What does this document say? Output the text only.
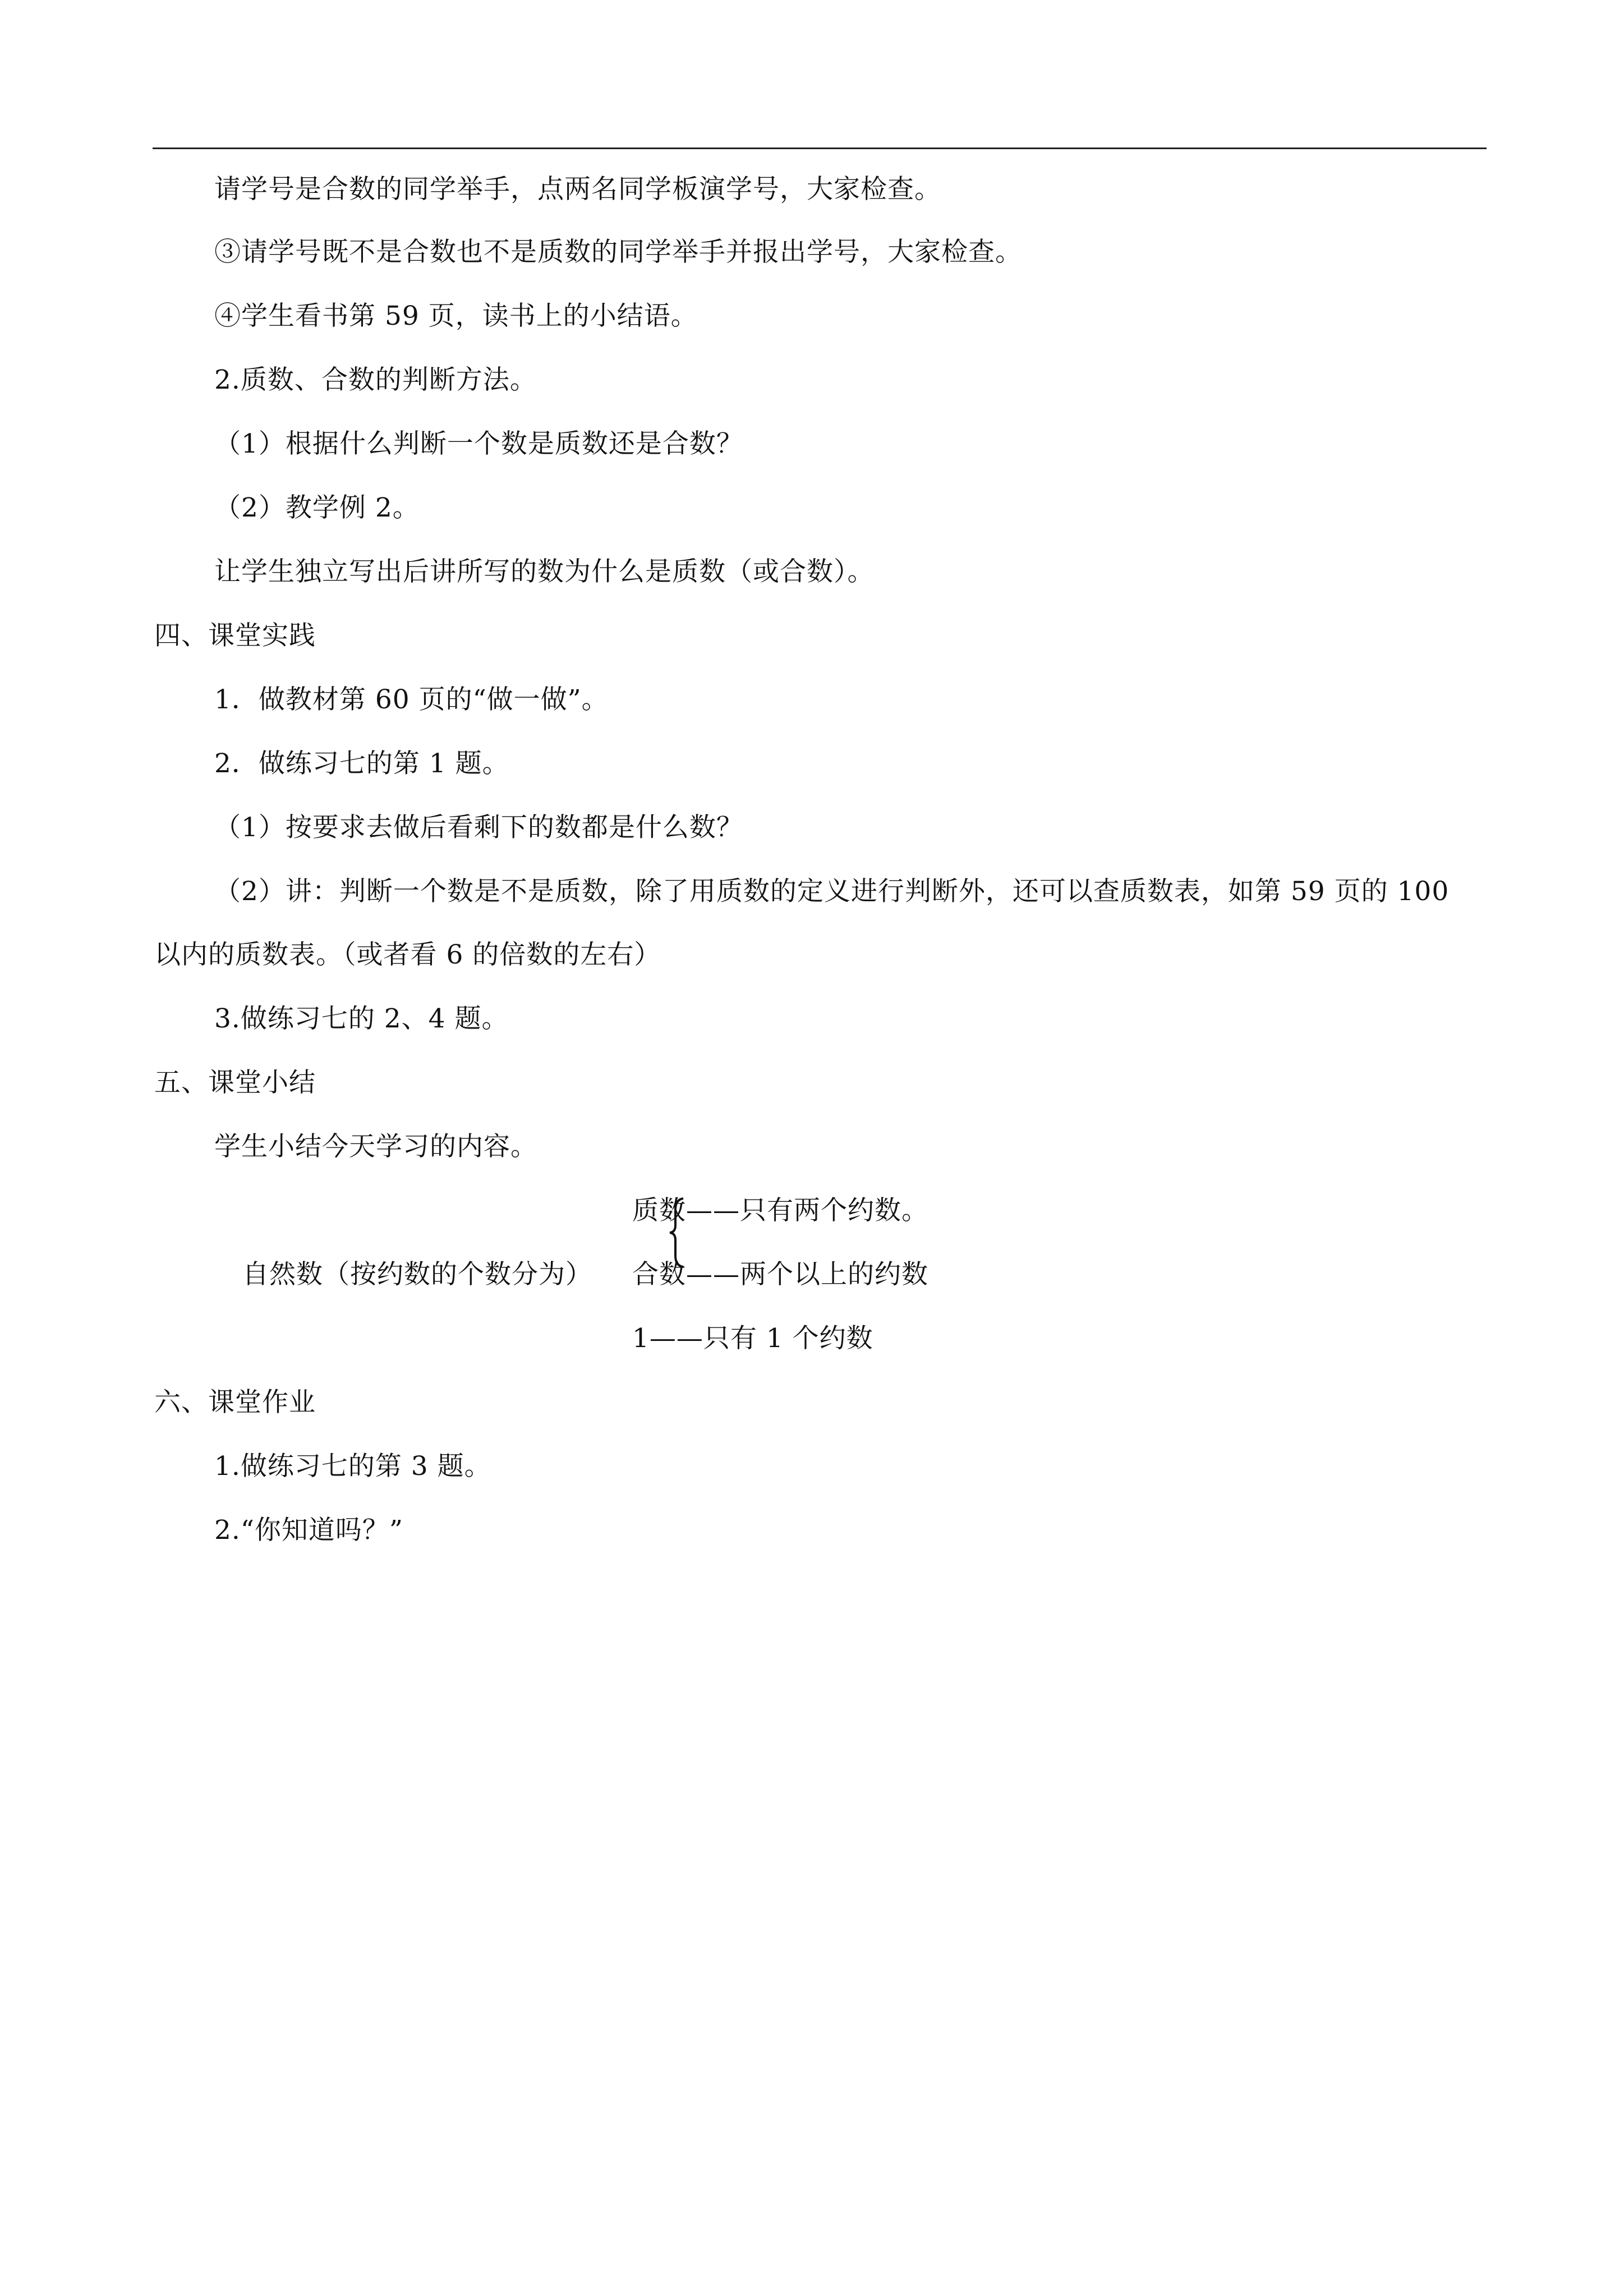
请学号是合数的同学举手，点两名同学板演学号，大家检查。
③请学号既不是合数也不是质数的同学举手并报出学号，大家检查。
④学生看书第 59 页，读书上的小结语。
2.质数、合数的判断方法。
（1）根据什么判断一个数是质数还是合数？
（2）教学例 2。
让学生独立写出后讲所写的数为什么是质数（或合数）。
四、课堂实践
1．做教材第 60 页的“做一做”。
2．做练习七的第 1 题。
（1）按要求去做后看剩下的数都是什么数？
（2）讲：判断一个数是不是质数，除了用质数的定义进行判断外，还可以查质数表，如第 59 页的 100
以内的质数表。（或者看 6 的倍数的左右）
3.做练习七的 2、4 题。
五、课堂小结
学生小结今天学习的内容。
质数——只有两个约数。
自然数（按约数的个数分为） 合数——两个以上的约数
1——只有 1 个约数
六、课堂作业
1.做练习七的第 3 题。
2.“你知道吗？”
